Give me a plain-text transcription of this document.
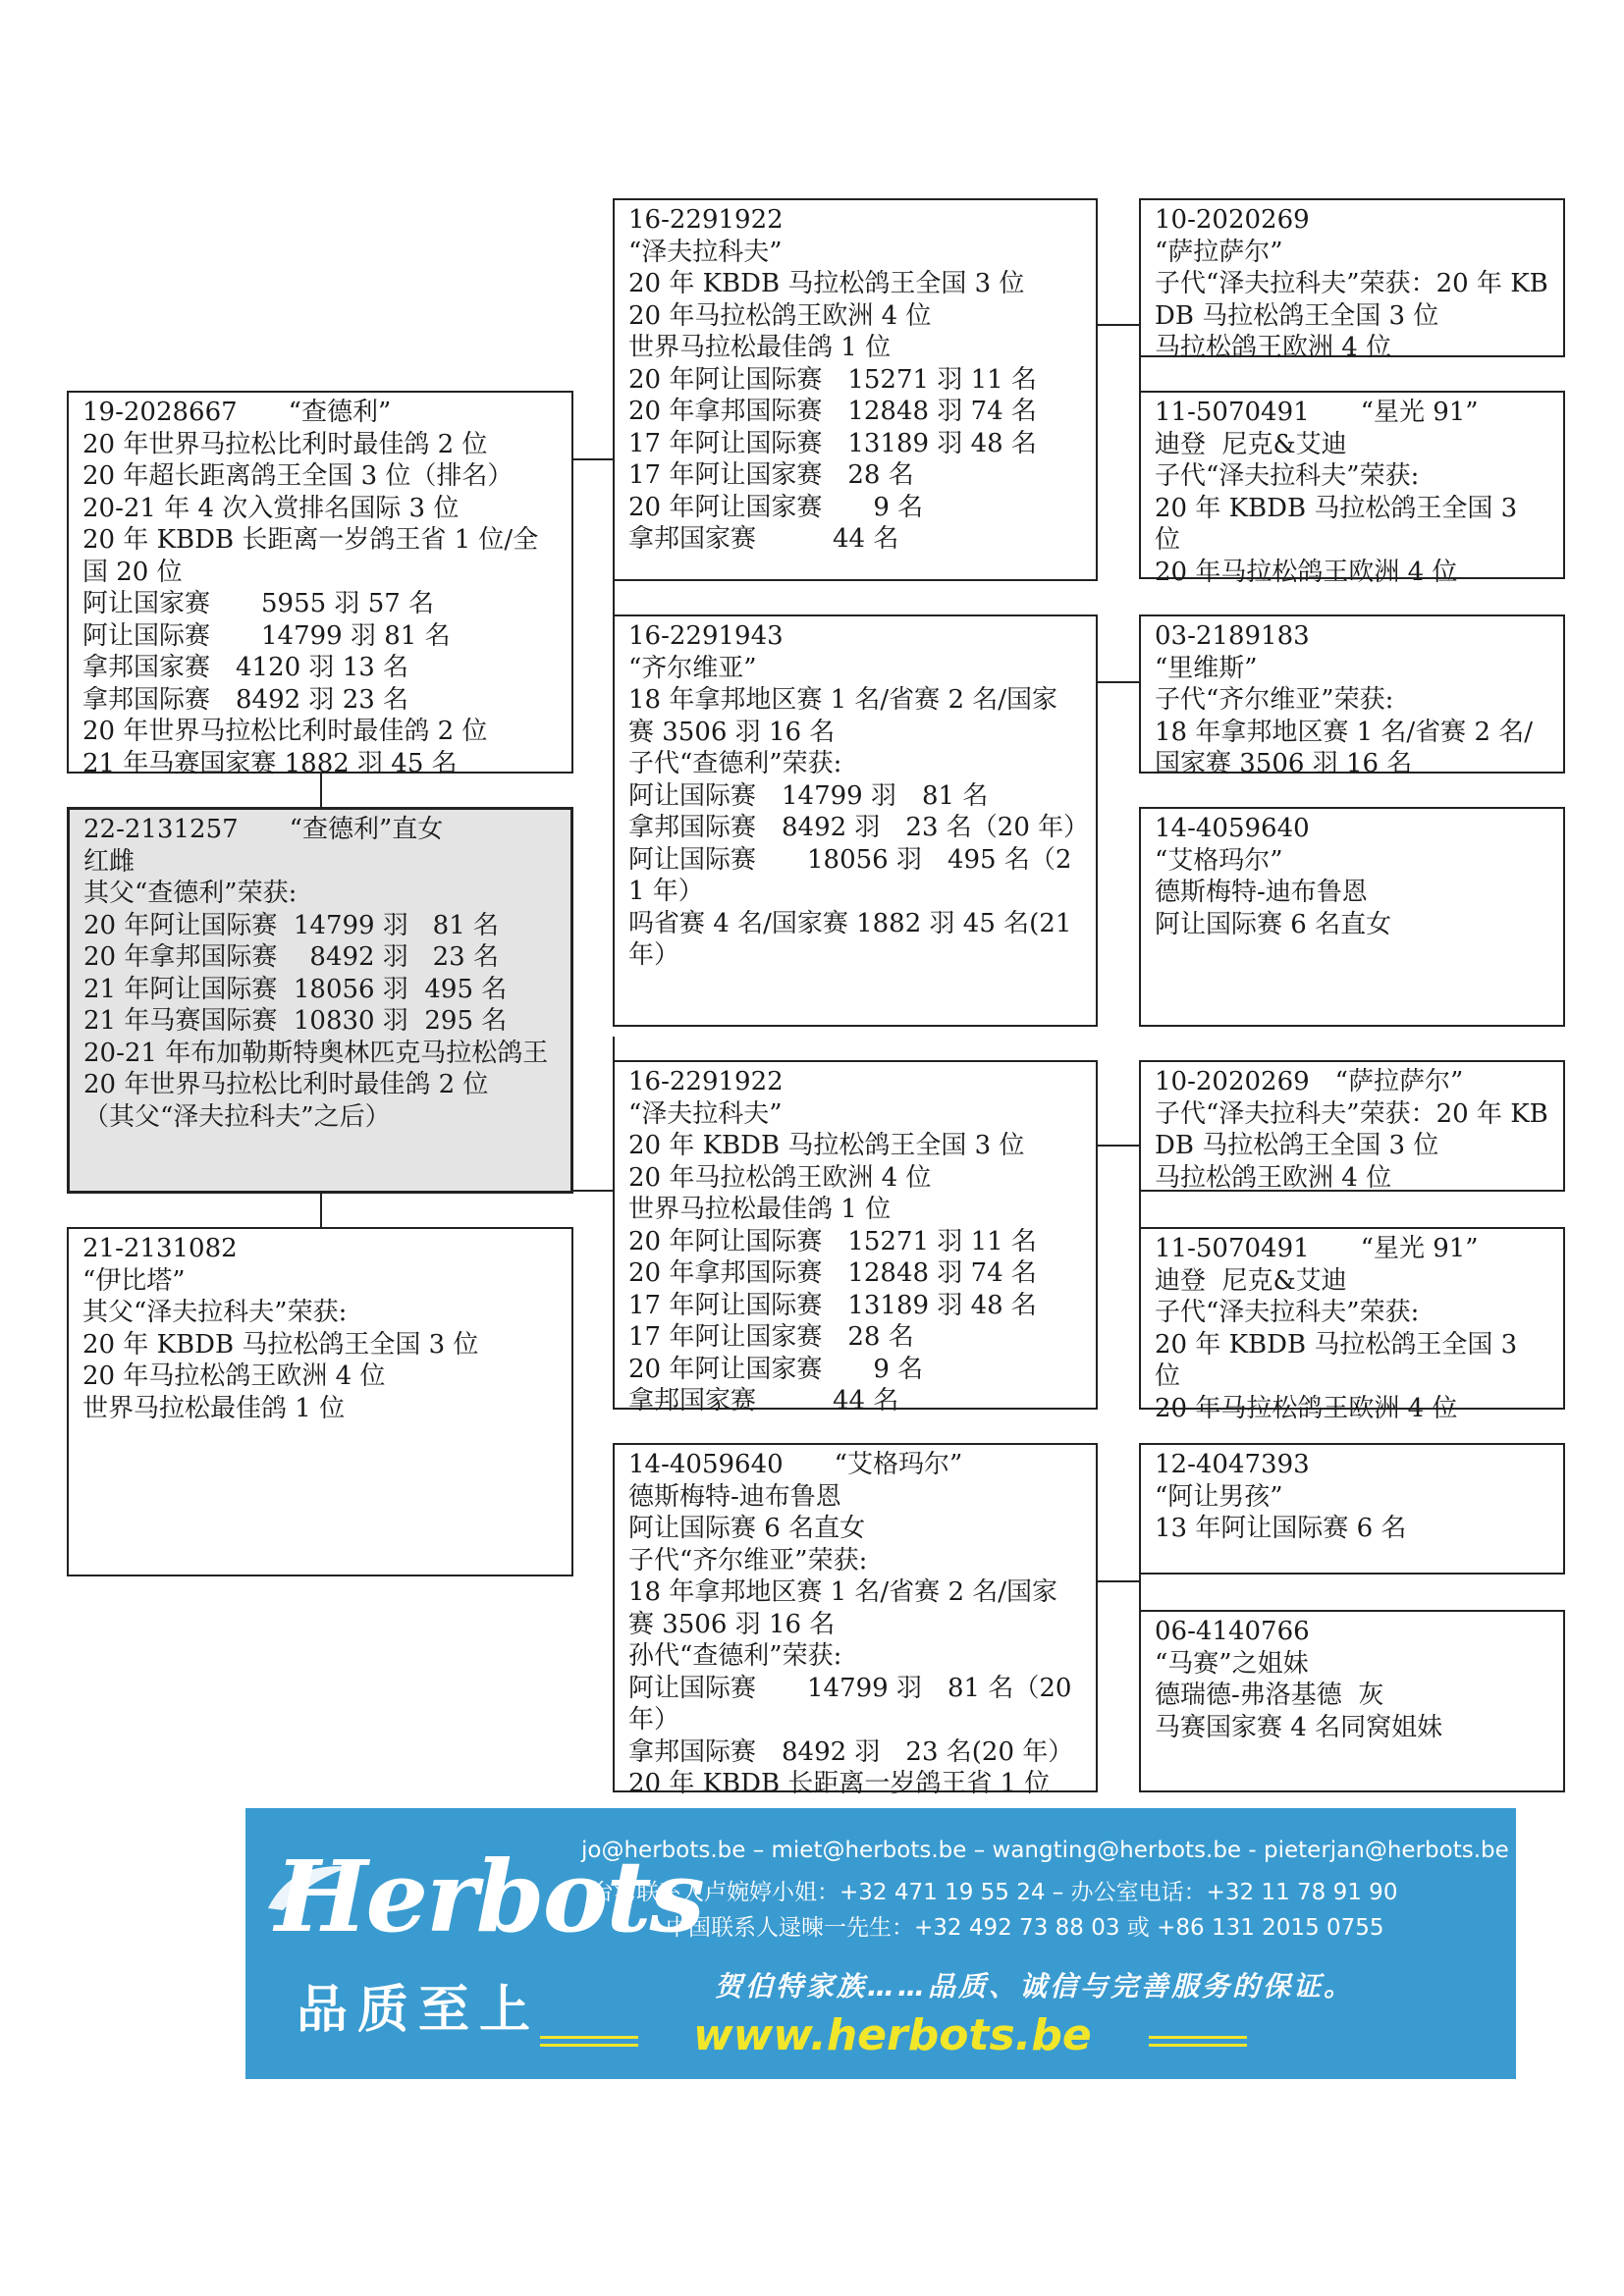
19-2028667　　“查德利”
20 年世界马拉松比利时最佳鸽 2 位
20 年超长距离鸽王全国 3 位（排名）
20-21 年 4 次入赏排名国际 3 位
20 年 KBDB 长距离一岁鸽王省 1 位/全国 20 位
阿让国家赛　　5955 羽 57 名
阿让国际赛　　14799 羽 81 名
拿邦国家赛　4120 羽 13 名
拿邦国际赛　8492 羽 23 名
20 年世界马拉松比利时最佳鸽 2 位
21 年马赛国家赛 1882 羽 45 名
22-2131257　　“查德利”直女
红雌
其父“查德利”荣获:
20 年阿让国际赛  14799 羽   81 名
20 年拿邦国际赛    8492 羽   23 名
21 年阿让国际赛  18056 羽  495 名
21 年马赛国际赛  10830 羽  295 名
20-21 年布加勒斯特奥林匹克马拉松鸽王
20 年世界马拉松比利时最佳鸽 2 位
（其父“泽夫拉科夫”之后）
21-2131082
“伊比塔”
其父“泽夫拉科夫”荣获:
20 年 KBDB 马拉松鸽王全国 3 位
20 年马拉松鸽王欧洲 4 位
世界马拉松最佳鸽 1 位
16-2291922
“泽夫拉科夫”
20 年 KBDB 马拉松鸽王全国 3 位
20 年马拉松鸽王欧洲 4 位
世界马拉松最佳鸽 1 位
20 年阿让国际赛　15271 羽 11 名
20 年拿邦国际赛　12848 羽 74 名
17 年阿让国际赛　13189 羽 48 名
17 年阿让国家赛　28 名
20 年阿让国家赛　　9 名
拿邦国家赛　　　44 名
16-2291943
“齐尔维亚”
18 年拿邦地区赛 1 名/省赛 2 名/国家赛 3506 羽 16 名
子代“查德利”荣获:
阿让国际赛　14799 羽　81 名
拿邦国际赛　8492 羽　23 名（20 年）
阿让国际赛　　18056 羽　495 名（21 年）
吗省赛 4 名/国家赛 1882 羽 45 名(21 年）
16-2291922
“泽夫拉科夫”
20 年 KBDB 马拉松鸽王全国 3 位
20 年马拉松鸽王欧洲 4 位
世界马拉松最佳鸽 1 位
20 年阿让国际赛　15271 羽 11 名
20 年拿邦国际赛　12848 羽 74 名
17 年阿让国际赛　13189 羽 48 名
17 年阿让国家赛　28 名
20 年阿让国家赛　　9 名
拿邦国家赛　　　44 名
14-4059640　　“艾格玛尔”
德斯梅特-迪布鲁恩
阿让国际赛 6 名直女
子代“齐尔维亚”荣获:
18 年拿邦地区赛 1 名/省赛 2 名/国家赛 3506 羽 16 名
孙代“查德利”荣获:
阿让国际赛　　14799 羽　81 名（20 年）
拿邦国际赛　8492 羽　23 名(20 年）
20 年 KBDB 长距离一岁鸽王省 1 位
10-2020269
“萨拉萨尔”
子代“泽夫拉科夫”荣获：20 年 KBDB 马拉松鸽王全国 3 位
马拉松鸽王欧洲 4 位
11-5070491　　“星光 91”
迪登  尼克&艾迪
子代“泽夫拉科夫”荣获:
20 年 KBDB 马拉松鸽王全国 3 位
20 年马拉松鸽王欧洲 4 位
03-2189183
“里维斯”
子代“齐尔维亚”荣获:
18 年拿邦地区赛 1 名/省赛 2 名/国家赛 3506 羽 16 名
14-4059640
“艾格玛尔”
德斯梅特-迪布鲁恩
阿让国际赛 6 名直女
10-2020269　“萨拉萨尔”
子代“泽夫拉科夫”荣获：20 年 KBDB 马拉松鸽王全国 3 位
马拉松鸽王欧洲 4 位
11-5070491　　“星光 91”
迪登  尼克&艾迪
子代“泽夫拉科夫”荣获:
20 年 KBDB 马拉松鸽王全国 3 位
20 年马拉松鸽王欧洲 4 位
12-4047393
“阿让男孩”
13 年阿让国际赛 6 名
06-4140766
“马赛”之姐妹
德瑞德-弗洛基德  灰
马赛国家赛 4 名同窝姐妹
Herbots
品质至上
jo@herbots.be – miet@herbots.be – wangting@herbots.be - pieterjan@herbots.be
台湾联系人卢婉婷小姐：+32 471 19 55 24 – 办公室电话：+32 11 78 91 90
中国联系人逯暕一先生：+32 492 73 88 03 或 +86 131 2015 0755
贺伯特家族……品质、诚信与完善服务的保证。
www.herbots.be
